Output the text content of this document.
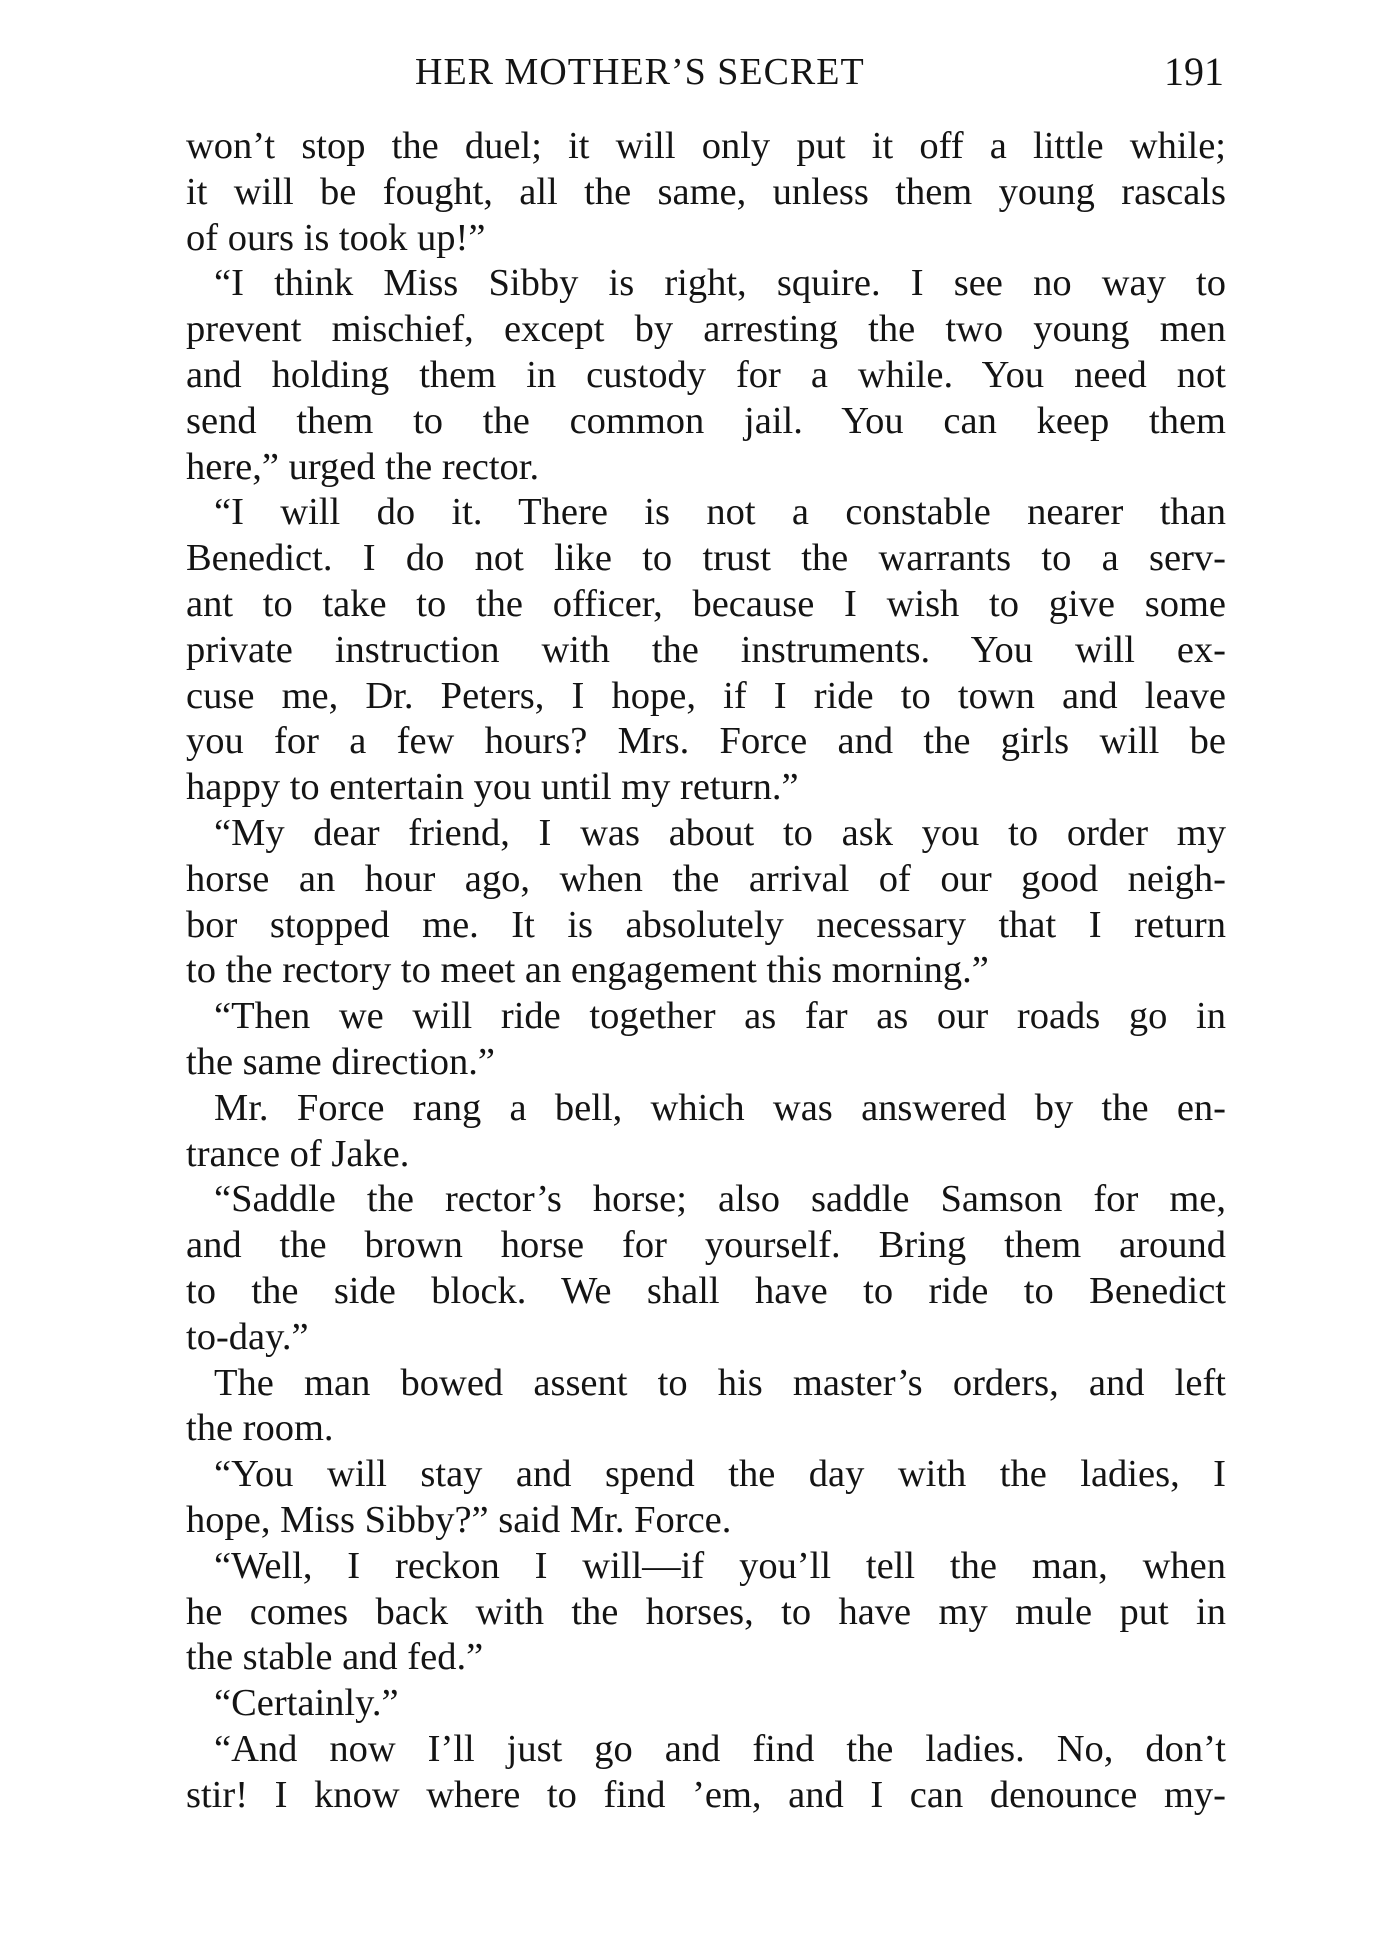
HER MOTHER’S SECRET	191
won’t stop the duel; it will only put it off a little while;
it will be fought, all the same, unless them young rascals
of ours is took up!”
“I think Miss Sibby is right, squire. I see no way to
prevent mischief, except by arresting the two young men
and holding them in custody for a while. You need not
send them to the common jail. You can keep them
here,” urged the rector.
“I will do it. There is not a constable nearer than
Benedict. I do not like to trust the warrants to a serv-
ant to take to the officer, because I wish to give some
private instruction with the instruments. You will ex-
cuse me, Dr. Peters, I hope, if I ride to town and leave
you for a few hours? Mrs. Force and the girls will be
happy to entertain you until my return.”
“My dear friend, I was about to ask you to order my
horse an hour ago, when the arrival of our good neigh-
bor stopped me. It is absolutely necessary that I return
to the rectory to meet an engagement this morning.”
“Then we will ride together as far as our roads go in
the same direction.”
Mr. Force rang a bell, which was answered by the en-
trance of Jake.
“Saddle the rector’s horse; also saddle Samson for me,
and the brown horse for yourself. Bring them around
to the side block. We shall have to ride to Benedict
to-day.”
The man bowed assent to his master’s orders, and left
the room.
“You will stay and spend the day with the ladies, I
hope, Miss Sibby?” said Mr. Force.
“Well, I reckon I will—if you’ll tell the man, when
he comes back with the horses, to have my mule put in
the stable and fed.”
“Certainly.”
“And now I’ll just go and find the ladies. No, don’t
stir! I know where to find ’em, and I can denounce my-
